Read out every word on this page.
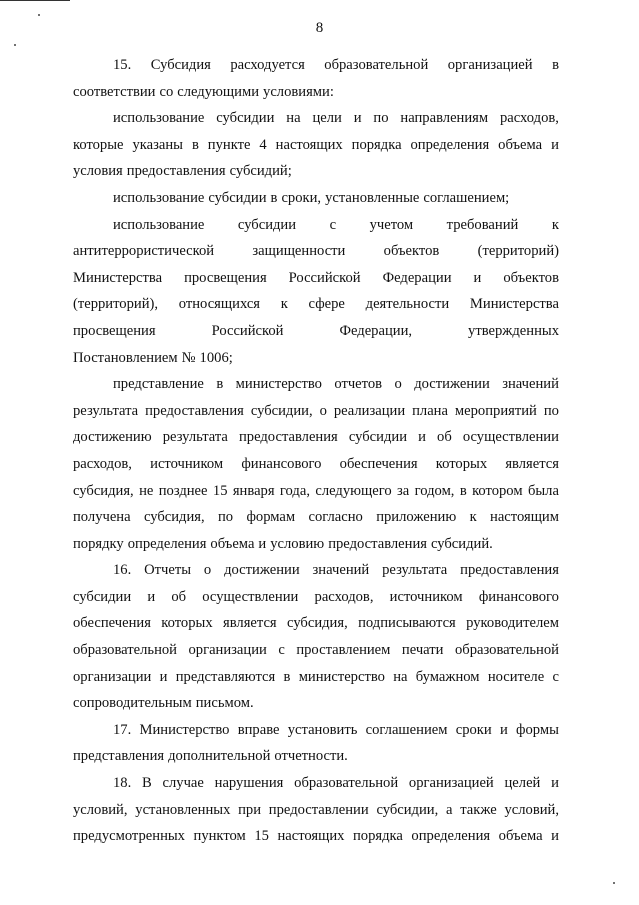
8
15. Субсидия расходуется образовательной организацией в
соответствии со следующими условиями:
использование субсидии на цели и по направлениям расходов,
которые указаны в пункте 4 настоящих порядка определения объема и
условия предоставления субсидий;
использование субсидии в сроки, установленные соглашением;
использование субсидии с учетом требований к
антитеррористической	защищенности	объектов	(территорий)
Министерства просвещения Российской Федерации и объектов
(территорий), относящихся к сфере деятельности Министерства
просвещения	Российской	Федерации,	утвержденных
Постановлением № 1006;
представление в министерство отчетов о достижении значений
результата предоставления субсидии, о реализации плана мероприятий по
достижению результата предоставления субсидии и об осуществлении
расходов, источником финансового обеспечения которых является
субсидия, не позднее 15 января года, следующего за годом, в котором была
получена субсидия, по формам согласно приложению к настоящим
порядку определения объема и условию предоставления субсидий.
16. Отчеты о достижении значений результата предоставления
субсидии и об осуществлении расходов, источником финансового
обеспечения которых является субсидия, подписываются руководителем
образовательной организации с проставлением печати образовательной
организации и представляются в министерство на бумажном носителе с
сопроводительным письмом.
17. Министерство вправе установить соглашением сроки и формы
представления дополнительной отчетности.
18. В случае нарушения образовательной организацией целей и
условий, установленных при предоставлении субсидии, а также условий,
предусмотренных пунктом 15 настоящих порядка определения объема и
